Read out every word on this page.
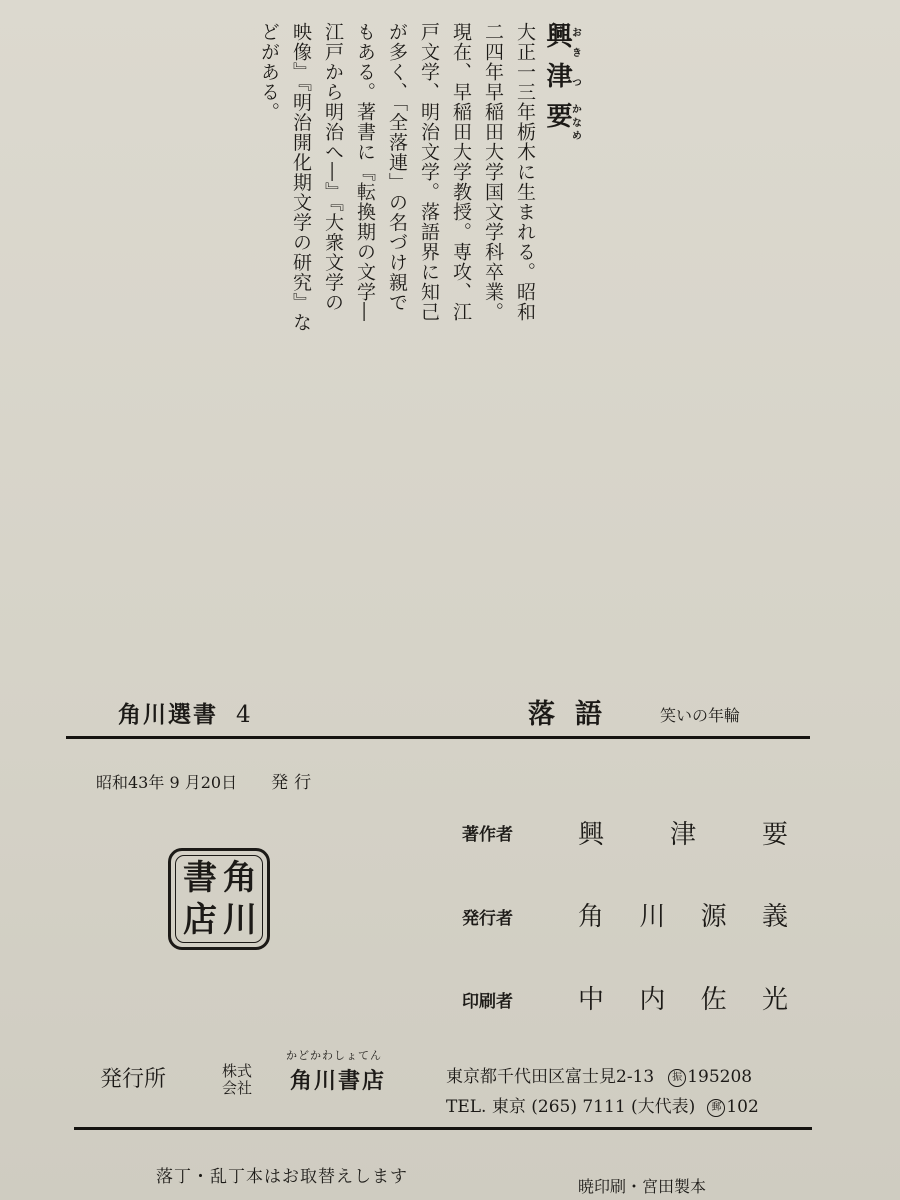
興おき津つ要かなめ
大正一三年栃木に生まれる。昭和
二四年早稲田大学国文学科卒業。
現在、早稲田大学教授。専攻、江
戸文学、明治文学。落語界に知己
が多く、「全落連」の名づけ親で
もある。著書に『転換期の文学―
江戸から明治へ―』『大衆文学の
映像』『明治開化期文学の研究』な
どがある。
角川選書 4	落語 笑いの年輪
昭和43年 9 月20日 発行
著作者	興	津	要
発行者	角 川 源 義
印刷者	中 内 佐 光
角
川
書
店
発行所	株式
会社
かどかわしょてん
角川書店	東京都千代田区富士見2-13 振 195208
TEL. 東京 (265) 7111 (大代表) 郵 102
落丁・乱丁本はお取替えします	暁印刷・宮田製本
